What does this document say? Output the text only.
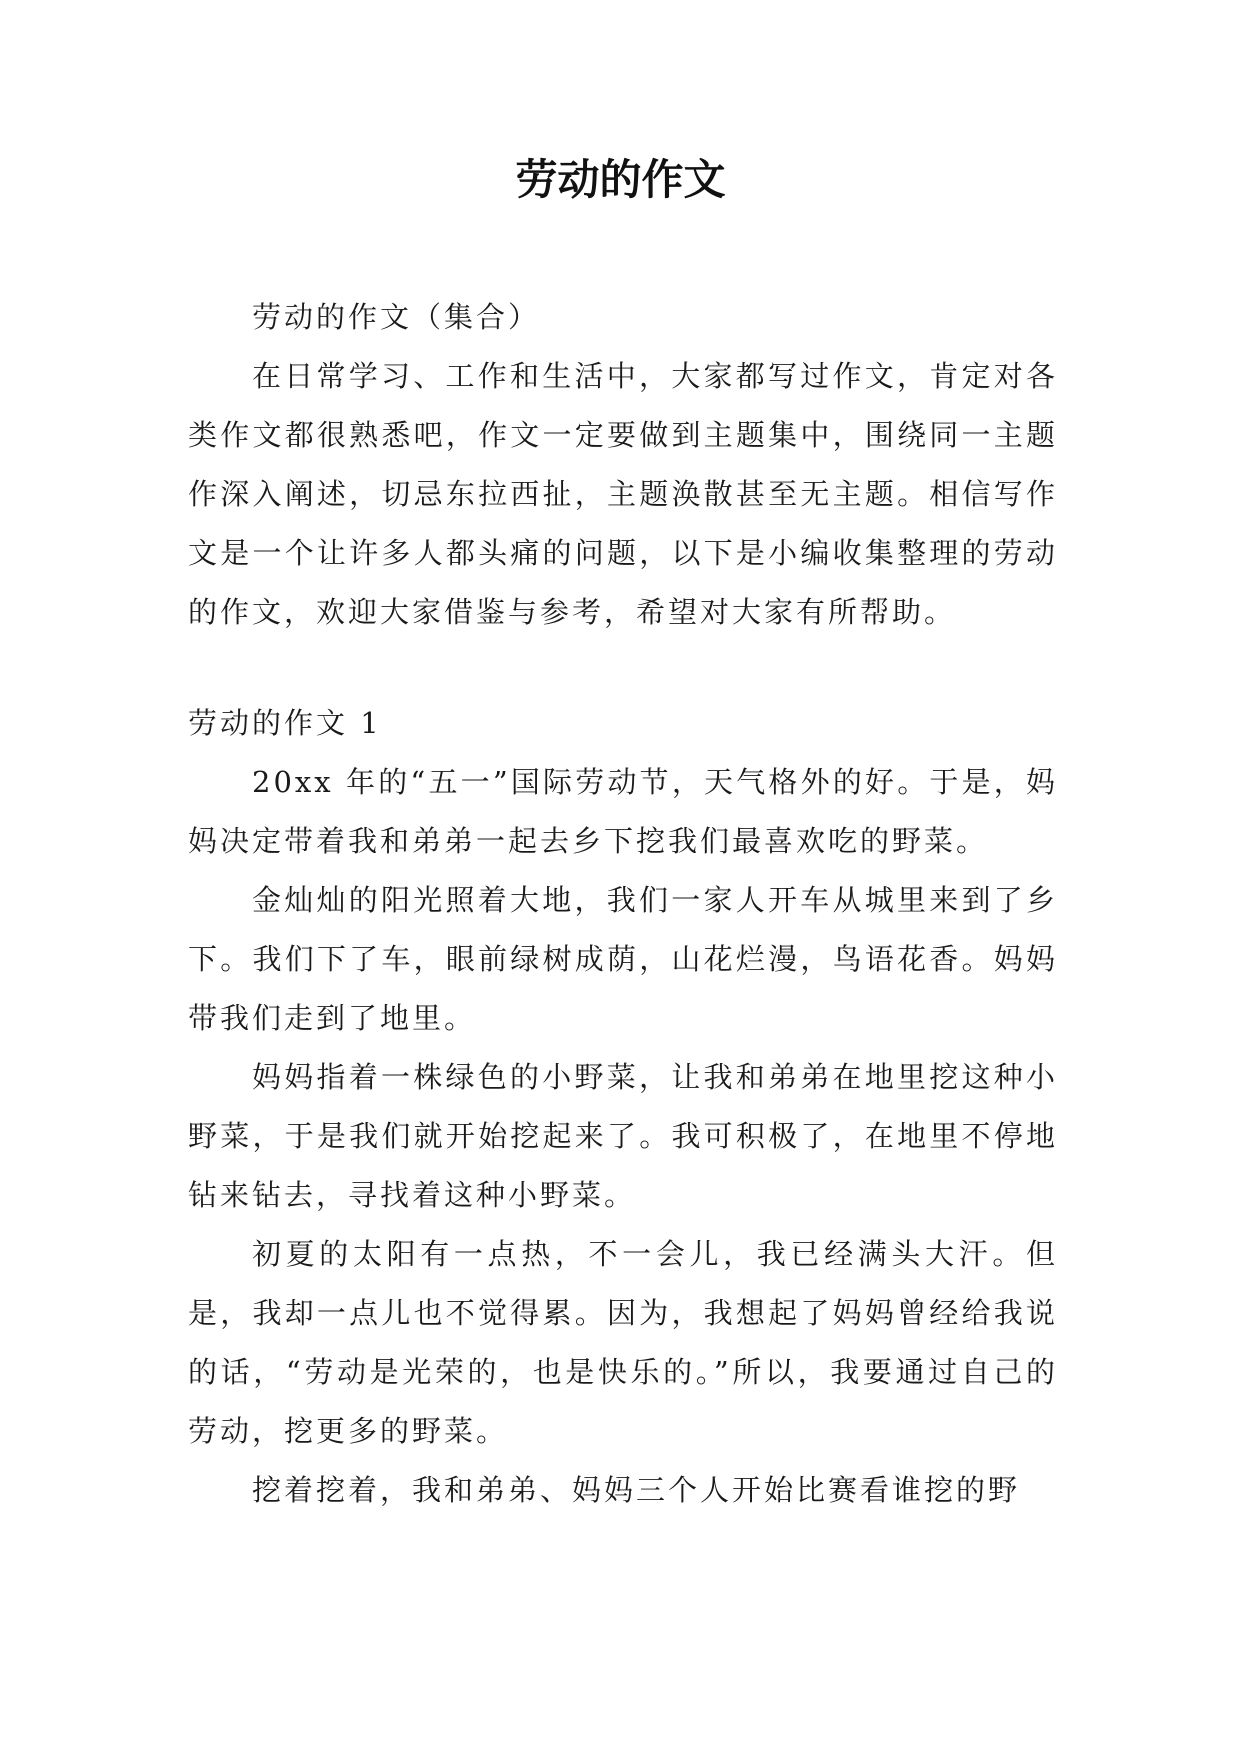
劳动的作文

劳动的作文（集合）

在日常学习、工作和生活中，大家都写过作文，肯定对各类作文都很熟悉吧，作文一定要做到主题集中，围绕同一主题作深入阐述，切忌东拉西扯，主题涣散甚至无主题。相信写作文是一个让许多人都头痛的问题，以下是小编收集整理的劳动的作文，欢迎大家借鉴与参考，希望对大家有所帮助。

劳动的作文 1

20xx 年的“五一”国际劳动节，天气格外的好。于是，妈妈决定带着我和弟弟一起去乡下挖我们最喜欢吃的野菜。

金灿灿的阳光照着大地，我们一家人开车从城里来到了乡下。我们下了车，眼前绿树成荫，山花烂漫，鸟语花香。妈妈带我们走到了地里。

妈妈指着一株绿色的小野菜，让我和弟弟在地里挖这种小野菜，于是我们就开始挖起来了。我可积极了，在地里不停地钻来钻去，寻找着这种小野菜。

初夏的太阳有一点热，不一会儿，我已经满头大汗。但是，我却一点儿也不觉得累。因为，我想起了妈妈曾经给我说的话，“劳动是光荣的，也是快乐的。”所以，我要通过自己的劳动，挖更多的野菜。

挖着挖着，我和弟弟、妈妈三个人开始比赛看谁挖的野
